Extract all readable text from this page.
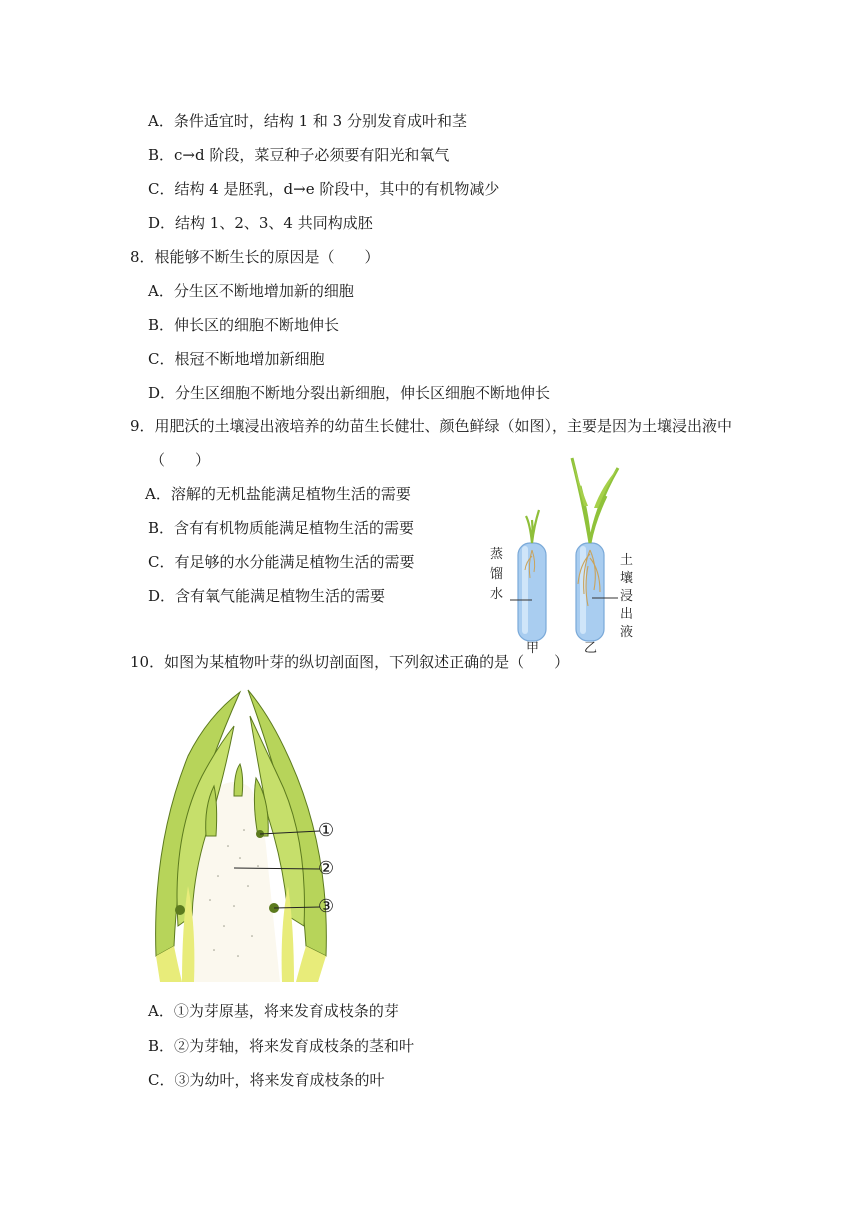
A．条件适宜时，结构 1 和 3 分别发育成叶和茎
B．c→d 阶段，菜豆种子必须要有阳光和氧气
C．结构 4 是胚乳，d→e 阶段中，其中的有机物减少
D．结构 1、2、3、4 共同构成胚
8．根能够不断生长的原因是（　　）
A．分生区不断地增加新的细胞
B．伸长区的细胞不断地伸长
C．根冠不断地增加新细胞
D．分生区细胞不断地分裂出新细胞，伸长区细胞不断地伸长
9．用肥沃的土壤浸出液培养的幼苗生长健壮、颜色鲜绿（如图），主要是因为土壤浸出液中
（　　）
A．溶解的无机盐能满足植物生活的需要
B．含有有机物质能满足植物生活的需要
C．有足够的水分能满足植物生活的需要
D．含有氧气能满足植物生活的需要
蒸
馏
水
土
壤
浸
出
液
甲	乙
10．如图为某植物叶芽的纵切剖面图，下列叙述正确的是（　　）
①
②
③
A．①为芽原基，将来发育成枝条的芽
B．②为芽轴，将来发育成枝条的茎和叶
C．③为幼叶，将来发育成枝条的叶
